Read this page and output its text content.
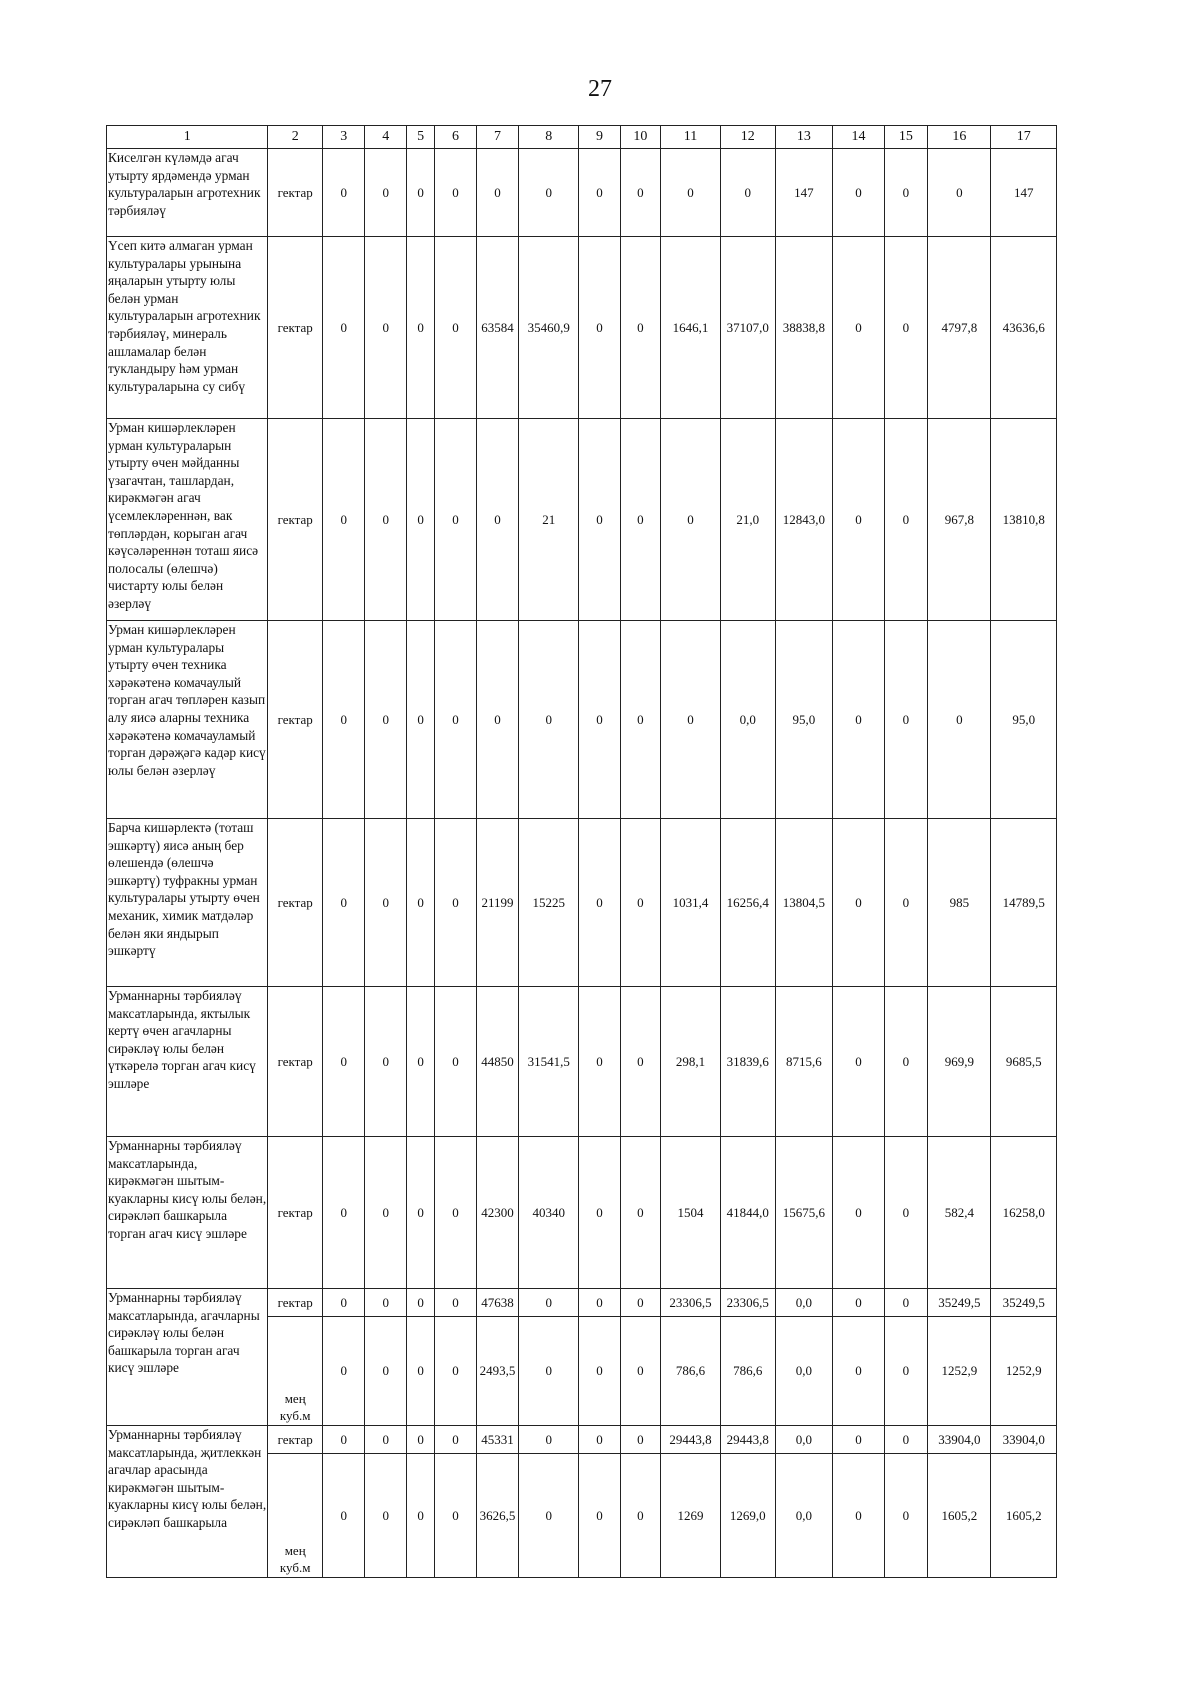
27
1	2	3	4	5	6	7	8	9	10	11	12	13	14	15	16	17
Киселгән күләмдә агач утырту ярдәмендә урман культураларын агротехник тәрбияләү	гектар	0	0	0	0	0	0	0	0	0	0	147	0	0	0	147
Үсеп китә алмаган урман культуралары урынына яңаларын утырту юлы белән урман культураларын агротехник тәрбияләү, минераль ашламалар белән тукландыру һәм урман культураларына су сибү	гектар	0	0	0	0	63584	35460,9	0	0	1646,1	37107,0	38838,8	0	0	4797,8	43636,6
Урман кишәрлекләрен урман культураларын утырту өчен мәйданны үзагачтан, ташлардан, кирәкмәгән агач үсемлекләреннән, вак төпләрдән, корыган агач кәүсәләреннән тоташ яисә полосалы (өлешчә) чистарту юлы белән әзерләү	гектар	0	0	0	0	0	21	0	0	0	21,0	12843,0	0	0	967,8	13810,8
Урман кишәрлекләрен урман культуралары утырту өчен техника хәрәкәтенә комачаулый торган агач төпләрен казып алу яисә аларны техника хәрәкәтенә комачауламый торган дәрәҗәгә кадәр кисү юлы белән әзерләү	гектар	0	0	0	0	0	0	0	0	0	0,0	95,0	0	0	0	95,0
Барча кишәрлектә (тоташ эшкәртү) яисә аның бер өлешендә (өлешчә эшкәртү) туфракны урман культуралары утырту өчен механик, химик матдәләр белән яки яндырып эшкәртү	гектар	0	0	0	0	21199	15225	0	0	1031,4	16256,4	13804,5	0	0	985	14789,5
Урманнарны тәрбияләү максатларында, яктылык кертү өчен агачларны сирәкләү юлы белән үткәрелә торган агач кисү эшләре	гектар	0	0	0	0	44850	31541,5	0	0	298,1	31839,6	8715,6	0	0	969,9	9685,5
Урманнарны тәрбияләү максатларында, кирәкмәгән шытым-куакларны кисү юлы белән, сирәкләп башкарыла торган агач кисү эшләре	гектар	0	0	0	0	42300	40340	0	0	1504	41844,0	15675,6	0	0	582,4	16258,0
Урманнарны тәрбияләү максатларында, агачларны сирәкләү юлы белән башкарыла торган агач кисү эшләре	гектар	0	0	0	0	47638	0	0	0	23306,5	23306,5	0,0	0	0	35249,5	35249,5
	мең куб.м	0	0	0	0	2493,5	0	0	0	786,6	786,6	0,0	0	0	1252,9	1252,9
Урманнарны тәрбияләү максатларында, җитлеккән агачлар арасында кирәкмәгән шытым-куакларны кисү юлы белән, сирәкләп башкарыла	гектар	0	0	0	0	45331	0	0	0	29443,8	29443,8	0,0	0	0	33904,0	33904,0
	мең куб.м	0	0	0	0	3626,5	0	0	0	1269	1269,0	0,0	0	0	1605,2	1605,2
